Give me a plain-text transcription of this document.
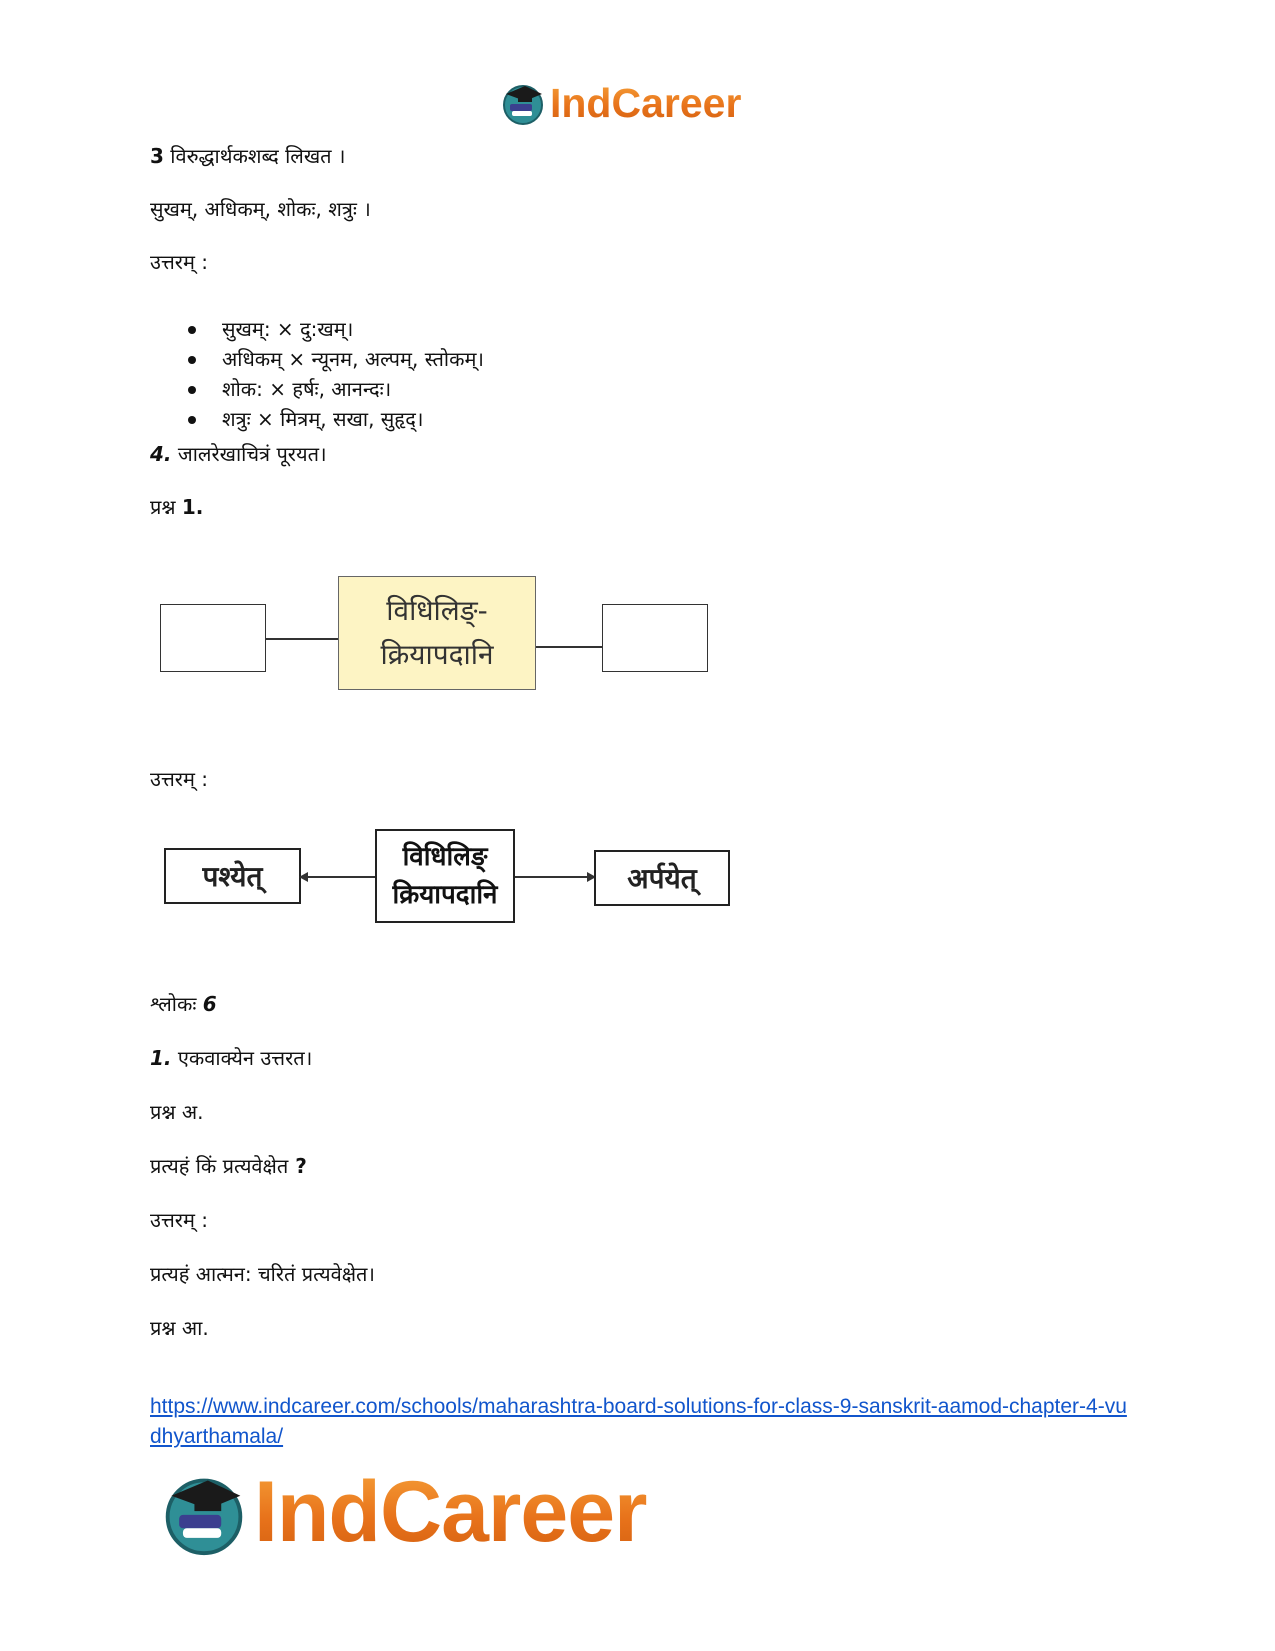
IndCareer
3 विरुद्धार्थकशब्द लिखत ।
सुखम्, अधिकम्, शोकः, शत्रुः ।
उत्तरम् :
सुखम्: × दु:खम्।
अधिकम् × न्यूनम, अल्पम्, स्तोकम्।
शोक: × हर्षः, आनन्दः।
शत्रुः × मित्रम्, सखा, सुहृद्।
4. जालरेखाचित्रं पूरयत।
प्रश्न 1.
विधिलिङ्-
क्रियापदानि
उत्तरम् :
पश्येत्
विधिलिङ्
क्रियापदानि	अर्पयेत्
श्लोकः 6
1. एकवाक्येन उत्तरत।
प्रश्न अ.
प्रत्यहं किं प्रत्यवेक्षेत ?
उत्तरम् :
प्रत्यहं आत्मन: चरितं प्रत्यवेक्षेत।
प्रश्न आ.
https://www.indcareer.com/schools/maharashtra-board-solutions-for-class-9-sanskrit-aamod-chapter-4-vudhyarthamala/
IndCareer
